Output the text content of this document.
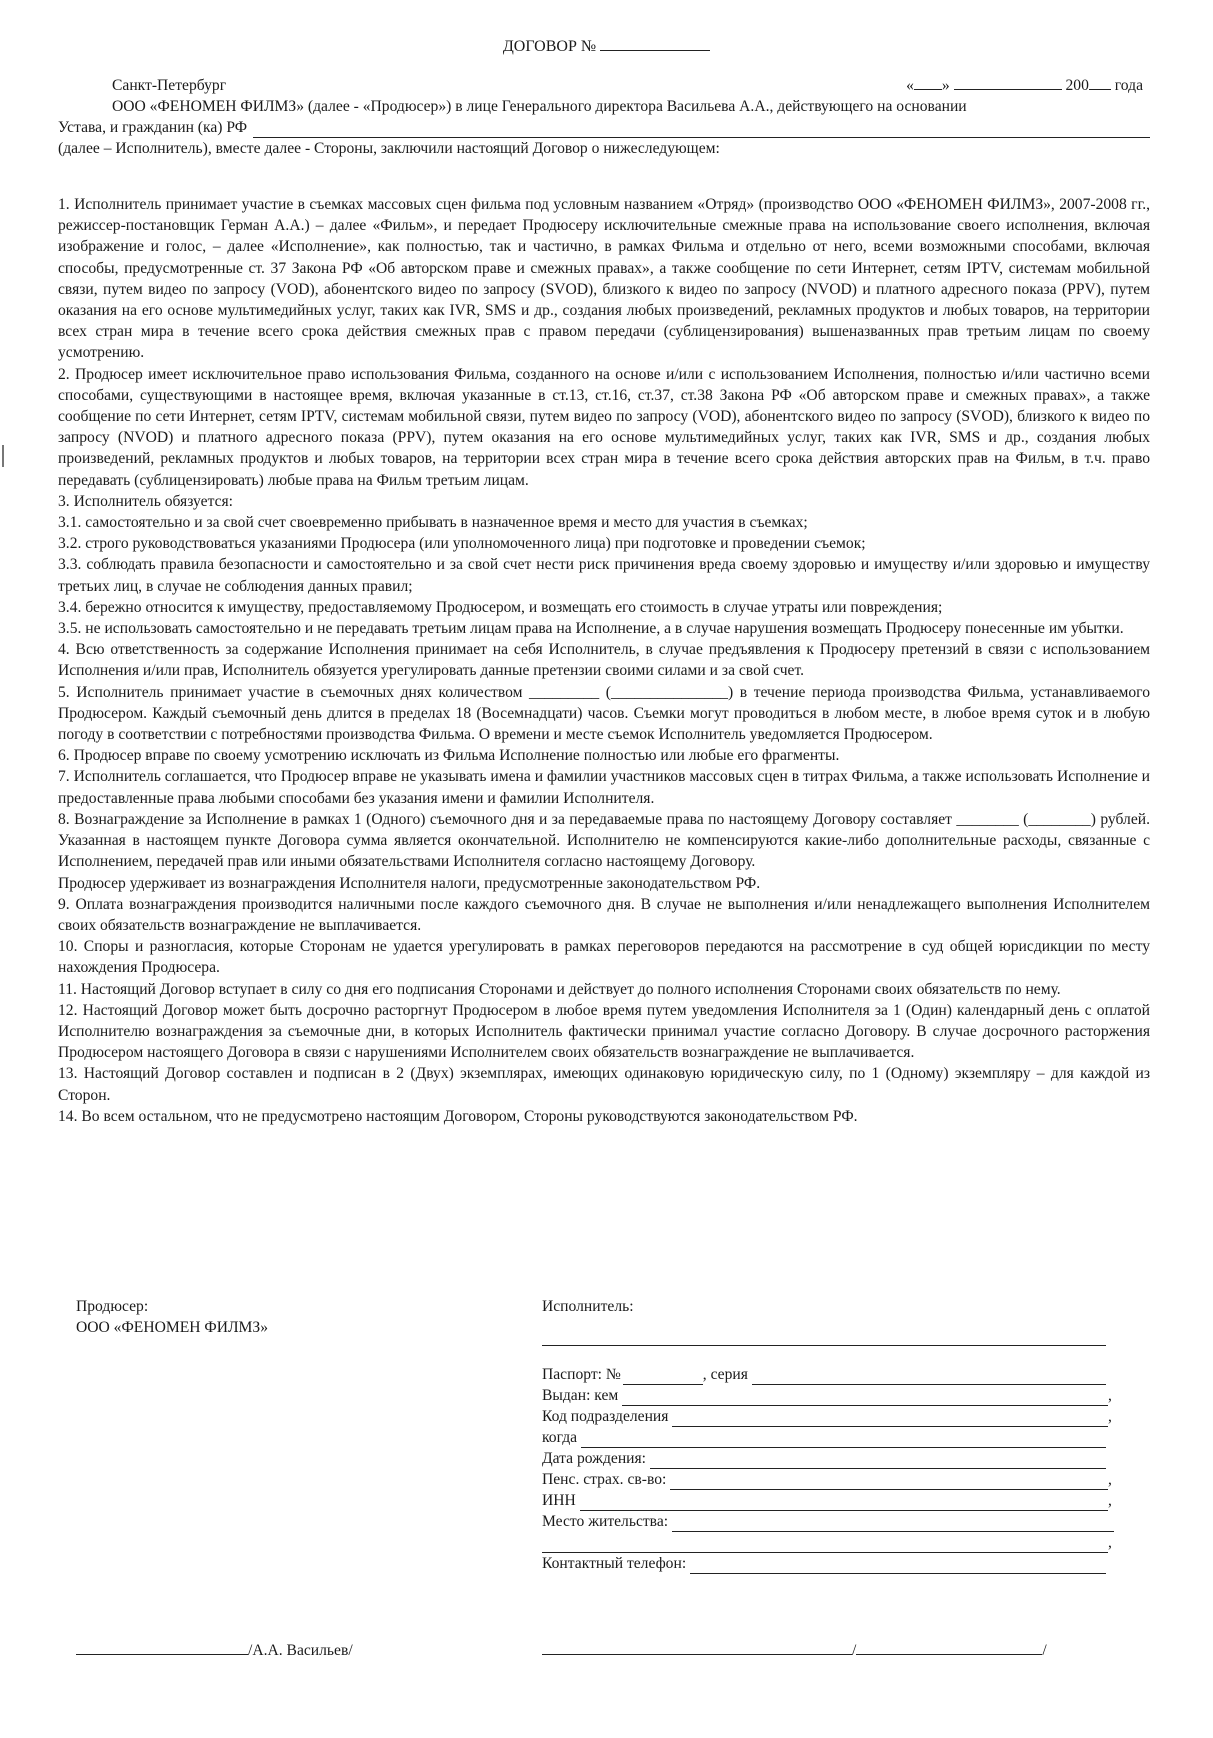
ДОГОВОР №
Санкт-Петербург	« »	200 года
ООО «ФЕНОМЕН ФИЛМЗ» (далее - «Продюсер») в лице Генерального директора Васильева А.А., действующего на основании
Устава, и гражданин (ка) РФ
(далее – Исполнитель), вместе далее - Стороны, заключили настоящий Договор о нижеследующем:

1. Исполнитель принимает участие в съемках массовых сцен фильма под условным названием «Отряд» (производство ООО «ФЕНОМЕН ФИЛМЗ», 2007-2008 гг., режиссер-постановщик Герман А.А.) – далее «Фильм», и передает Продюсеру исключительные смежные права на использование своего исполнения, включая изображение и голос, – далее «Исполнение», как полностью, так и частично, в рамках Фильма и отдельно от него, всеми возможными способами, включая способы, предусмотренные ст. 37 Закона РФ «Об авторском праве и смежных правах», а также сообщение по сети Интернет, сетям IPTV, системам мобильной связи, путем видео по запросу (VOD), абонентского видео по запросу (SVOD), близкого к видео по запросу (NVOD) и платного адресного показа (PPV), путем оказания на его основе мультимедийных услуг, таких как IVR, SMS и др., создания любых произведений, рекламных продуктов и любых товаров, на территории всех стран мира в течение всего срока действия смежных прав с правом передачи (сублицензирования) вышеназванных прав третьим лицам по своему усмотрению.

2. Продюсер имеет исключительное право использования Фильма, созданного на основе и/или с использованием Исполнения, полностью и/или частично всеми способами, существующими в настоящее время, включая указанные в ст.13, ст.16, ст.37, ст.38 Закона РФ «Об авторском праве и смежных правах», а также сообщение по сети Интернет, сетям IPTV, системам мобильной связи, путем видео по запросу (VOD), абонентского видео по запросу (SVOD), близкого к видео по запросу (NVOD) и платного адресного показа (PPV), путем оказания на его основе мультимедийных услуг, таких как IVR, SMS и др., создания любых произведений, рекламных продуктов и любых товаров, на территории всех стран мира в течение всего срока действия авторских прав на Фильм, в т.ч. право передавать (сублицензировать) любые права на Фильм третьим лицам.

3. Исполнитель обязуется:

3.1. самостоятельно и за свой счет своевременно прибывать в назначенное время и место для участия в съемках;

3.2. строго руководствоваться указаниями Продюсера (или уполномоченного лица) при подготовке и проведении съемок;

3.3. соблюдать правила безопасности и самостоятельно и за свой счет нести риск причинения вреда своему здоровью и имуществу и/или здоровью и имуществу третьих лиц, в случае не соблюдения данных правил;

3.4. бережно относится к имуществу, предоставляемому Продюсером, и возмещать его стоимость в случае утраты или повреждения;

3.5. не использовать самостоятельно и не передавать третьим лицам права на Исполнение, а в случае нарушения возмещать Продюсеру понесенные им убытки.

4. Всю ответственность за содержание Исполнения принимает на себя Исполнитель, в случае предъявления к Продюсеру претензий в связи с использованием Исполнения и/или прав, Исполнитель обязуется урегулировать данные претензии своими силами и за свой счет.

5. Исполнитель принимает участие в съемочных днях количеством _________ (_______________) в течение периода производства Фильма, устанавливаемого Продюсером. Каждый съемочный день длится в пределах 18 (Восемнадцати) часов. Съемки могут проводиться в любом месте, в любое время суток и в любую погоду в соответствии с потребностями производства Фильма. О времени и месте съемок Исполнитель уведомляется Продюсером.

6. Продюсер вправе по своему усмотрению исключать из Фильма Исполнение полностью или любые его фрагменты.

7. Исполнитель соглашается, что Продюсер вправе не указывать имена и фамилии участников массовых сцен в титрах Фильма, а также использовать Исполнение и предоставленные права любыми способами без указания имени и фамилии Исполнителя.

8. Вознаграждение за Исполнение в рамках 1 (Одного) съемочного дня и за передаваемые права по настоящему Договору составляет ________ (________) рублей. Указанная в настоящем пункте Договора сумма является окончательной. Исполнителю не компенсируются какие-либо дополнительные расходы, связанные с Исполнением, передачей прав или иными обязательствами Исполнителя согласно настоящему Договору.

Продюсер удерживает из вознаграждения Исполнителя налоги, предусмотренные законодательством РФ.

9. Оплата вознаграждения производится наличными после каждого съемочного дня. В случае не выполнения и/или ненадлежащего выполнения Исполнителем своих обязательств вознаграждение не выплачивается.

10. Споры и разногласия, которые Сторонам не удается урегулировать в рамках переговоров передаются на рассмотрение в суд общей юрисдикции по месту нахождения Продюсера.

11. Настоящий Договор вступает в силу со дня его подписания Сторонами и действует до полного исполнения Сторонами своих обязательств по нему.

12. Настоящий Договор может быть досрочно расторгнут Продюсером в любое время путем уведомления Исполнителя за 1 (Один) календарный день с оплатой Исполнителю вознаграждения за съемочные дни, в которых Исполнитель фактически принимал участие согласно Договору. В случае досрочного расторжения Продюсером настоящего Договора в связи с нарушениями Исполнителем своих обязательств вознаграждение не выплачивается.

13. Настоящий Договор составлен и подписан в 2 (Двух) экземплярах, имеющих одинаковую юридическую силу, по 1 (Одному) экземпляру – для каждой из Сторон.

14. Во всем остальном, что не предусмотрено настоящим Договором, Стороны руководствуются законодательством РФ.

Продюсер:
ООО «ФЕНОМЕН ФИЛМЗ»
Исполнитель:
Паспорт: №	, серия
Выдан: кем	,
Код подразделения	,
когда
Дата рождения:
Пенс. страх. св-во:	,
ИНН	,
Место жительства:
,
Контактный телефон:
/А.А. Васильев/	/	/
